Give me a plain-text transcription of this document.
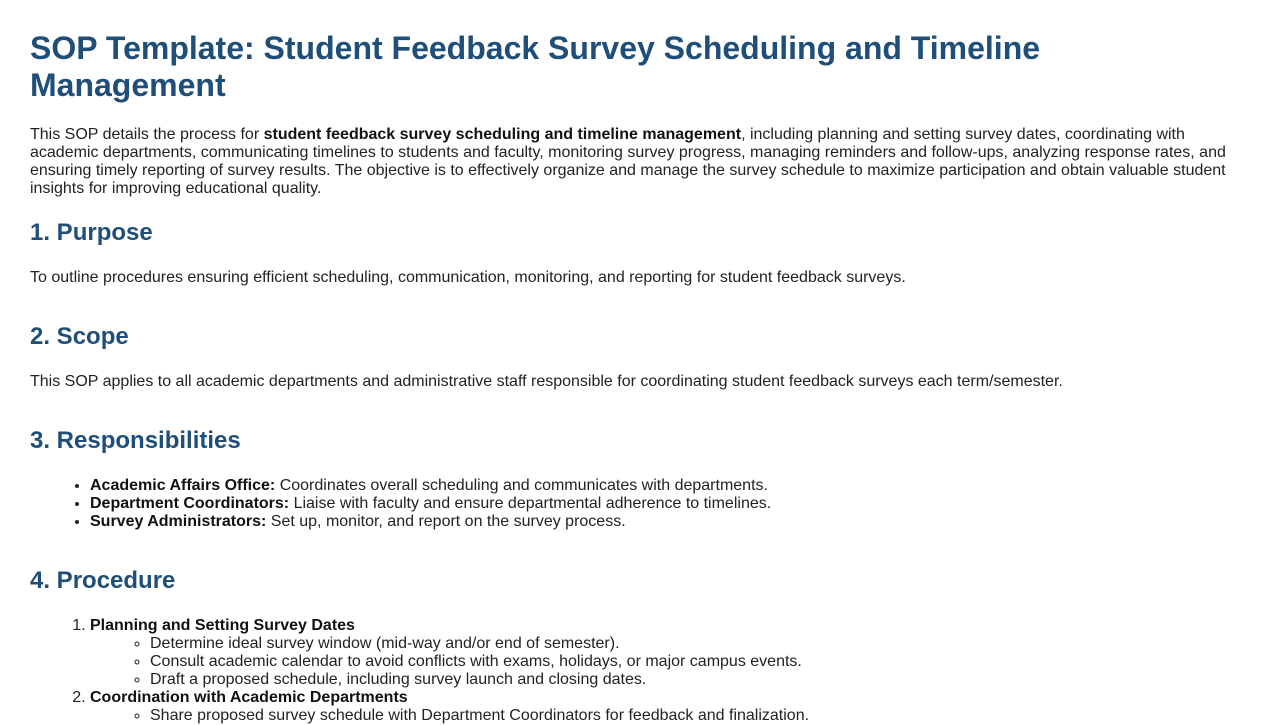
SOP Template: Student Feedback Survey Scheduling and Timeline Management

This SOP details the process for student feedback survey scheduling and timeline management, including planning and setting survey dates, coordinating with academic departments, communicating timelines to students and faculty, monitoring survey progress, managing reminders and follow-ups, analyzing response rates, and ensuring timely reporting of survey results. The objective is to effectively organize and manage the survey schedule to maximize participation and obtain valuable student insights for improving educational quality.

1. Purpose

To outline procedures ensuring efficient scheduling, communication, monitoring, and reporting for student feedback surveys.

2. Scope

This SOP applies to all academic departments and administrative staff responsible for coordinating student feedback surveys each term/semester.

3. Responsibilities
• Academic Affairs Office: Coordinates overall scheduling and communicates with departments.
• Department Coordinators: Liaise with faculty and ensure departmental adherence to timelines.
• Survey Administrators: Set up, monitor, and report on the survey process.
4. Procedure
1. Planning and Setting Survey Dates
◦ Determine ideal survey window (mid-way and/or end of semester).
◦ Consult academic calendar to avoid conflicts with exams, holidays, or major campus events.
◦ Draft a proposed schedule, including survey launch and closing dates.
2. Coordination with Academic Departments
◦ Share proposed survey schedule with Department Coordinators for feedback and finalization.
